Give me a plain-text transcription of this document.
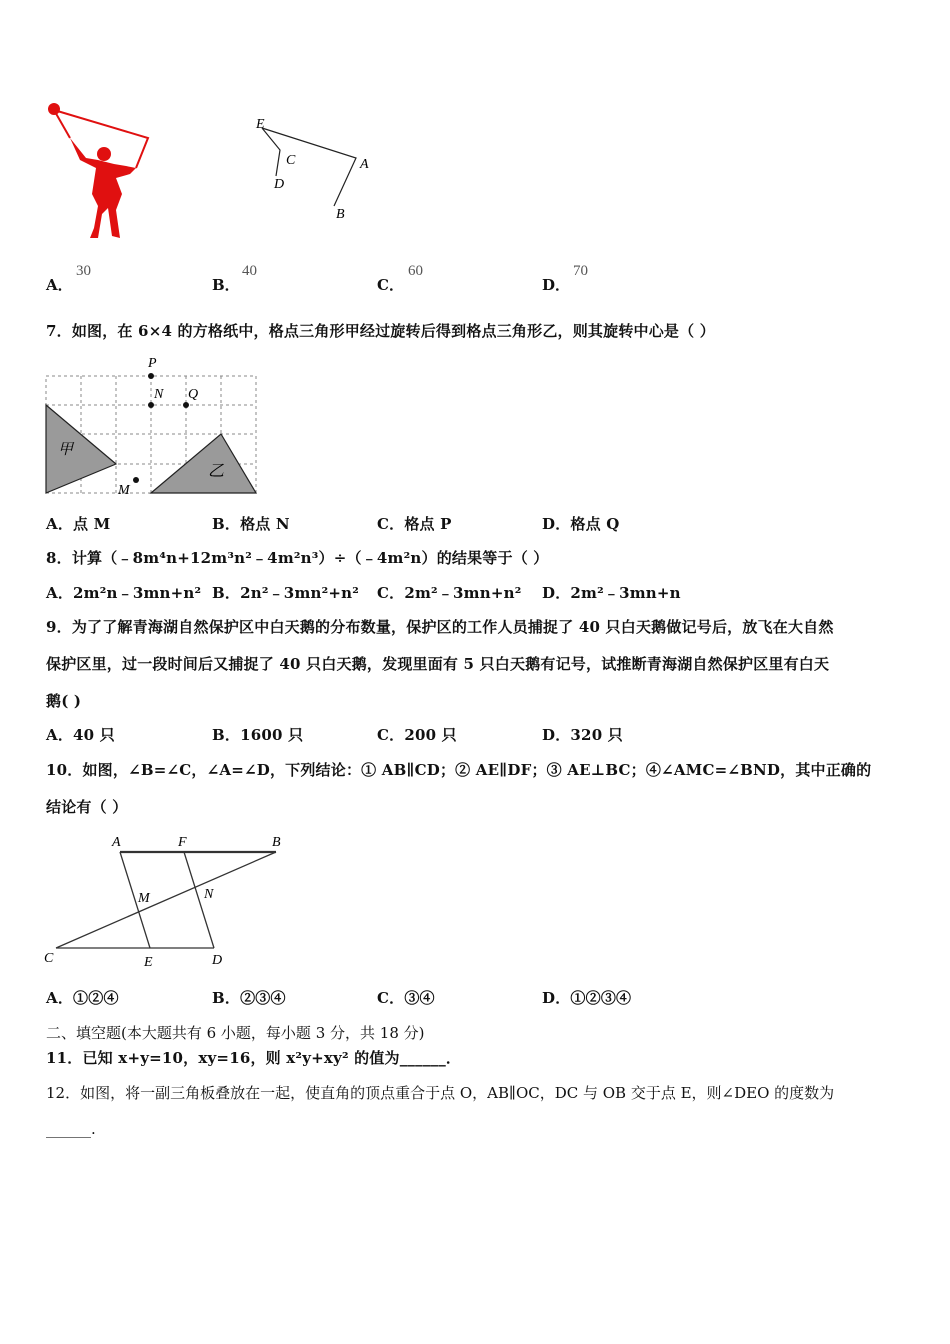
E
C
D
A
B
A．
30
B．
40
C．
60
D．
70
7．如图，在 6×4 的方格纸中，格点三角形甲经过旋转后得到格点三角形乙，则其旋转中心是（ ）
P
N Q
M
甲
乙
A．点 M	B．格点 N	C．格点 P	D．格点 Q
8．计算（﹣8m⁴n+12m³n²﹣4m²n³）÷（﹣4m²n）的结果等于（ ）
A．2m²n﹣3mn+n² B．2n²﹣3mn²+n² C．2m²﹣3mn+n² D．2m²﹣3mn+n
9．为了了解青海湖自然保护区中白天鹅的分布数量，保护区的工作人员捕捉了 40 只白天鹅做记号后，放飞在大自然
保护区里，过一段时间后又捕捉了 40 只白天鹅，发现里面有 5 只白天鹅有记号，试推断青海湖自然保护区里有白天
鹅( )
A．40 只	B．1600 只	C．200 只	D．320 只
10．如图，∠B=∠C，∠A=∠D，下列结论：① AB∥CD；② AE∥DF；③ AE⊥BC；④∠AMC=∠BND，其中正确的
结论有（ ）
A	F	B
M	N
C	E	D
A．①②④	B．②③④	C．③④	D．①②③④
二、填空题(本大题共有 6 小题，每小题 3 分，共 18 分)
11．已知 x+y=10，xy=16，则 x²y+xy² 的值为______．
12．如图，将一副三角板叠放在一起，使直角的顶点重合于点 O，AB∥OC，DC 与 OB 交于点 E，则∠DEO 的度数为
______.
